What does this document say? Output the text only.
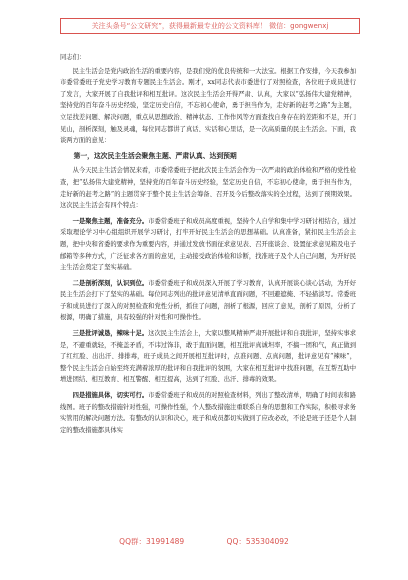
关注头条号“公文研究”，获得最新最专业的公文资料库！ 微信：gongwenxj

同志们：

民主生活会是党内政治生活的重要内容，是我们党的优良传统和一大法宝。根据工作安排，今天我参加市委常委班子党史学习教育专题民主生活会。刚才，xx同志代表市委进行了对照检查，各位班子成员进行了发言，大家开展了自我批评和相互批评。这次民主生活会开得严肃、认真，大家以“弘扬伟大建党精神，坚持党的百年奋斗历史经验，坚定历史自信，不忘初心使命，勇于担当作为，走好新的赶考之路”为主题，立足找差问题、解决问题，重点从思想政治、精神状态、工作作风等方面查找自身存在的差距和不足，开门见山，剖析深刻，触及灵魂，每位同志都讲了真话、实话和心里话，是一次高质量的民主生活会。下面，我谈两方面的意见：

第一，这次民主生活会聚焦主题、严肃认真、达到预期

从今天民主生活会情况来看，市委常委班子把此次民主生活会作为一次严肃的政治体检和严格的党性检查，把“弘扬伟大建党精神，坚持党的百年奋斗历史经验，坚定历史自信，不忘初心使命，勇于担当作为，走好新的赶考之路”的主题贯穿于整个民主生活会筹备、召开及今后整改落实的全过程，达到了预期效果。这次民主生活会有四个特点：

一是聚焦主题，准备充分。市委常委班子和成员高度重视，坚持个人自学和集中学习研讨相结合，通过采取理论学习中心组组织开展学习研讨，打牢开好民主生活会的思想基础。认真准备，紧扣民主生活会主题，把中央和省委的要求作为重要内容，并通过发放书面征求意见表、召开座谈会、设置征求意见箱及电子邮箱等多种方式，广泛征求各方面的意见，主动接受政治体检和诊断，找准班子及个人自己问题，为开好民主生活会奠定了坚实基础。

二是剖析深刻，认识到位。市委常委班子和成员深入开展了学习教育，认真开展谈心谈心活动，为开好民主生活会打下了坚实的基础。每位同志列出的批评意见清单直面问题，不回避遮掩、不轻描淡写。常委班子和成员进行了深入的对照检查和党性分析，抓住了问题，剖析了根源，回应了意见，剖析了原因，分析了根源，明确了措施，具有较强的针对性和可操作性。

三是批评诚恳，辣味十足。这次民主生活会上，大家以整风精神严肃开展批评和自我批评，坚持实事求是，不避重就轻，不掩盖矛盾，不讳过饰非，敢于直面问题，相互批评真诚坦率，不搞一团和气，真正做到了红红脸、出出汗、排排毒，班子成员之间开展相互批评时，点准问题、点真问题，批评意见有“辣味”，整个民主生活会自始至终充满着浓厚的批评和自我批评的氛围，大家在相互批评中找准问题，在互帮互助中增进团结、相互教育、相互警醒、相互提高，达到了红脸、出汗、排毒的效果。

四是措施具体，切实可行。市委常委班子和成员的对照检查材料，列出了整改清单，明确了时间表和路线图。班子的整改措施针对性强，可操作性强，个人整改措施注重联系自身的思想和工作实际，积极寻求务实管用的解决问题方法。有整改的认识和决心，班子和成员都切实做到了应改必改，不论是班子还是个人制定的整改措施都具体实

QQ群：31991489	QQ：535304092
